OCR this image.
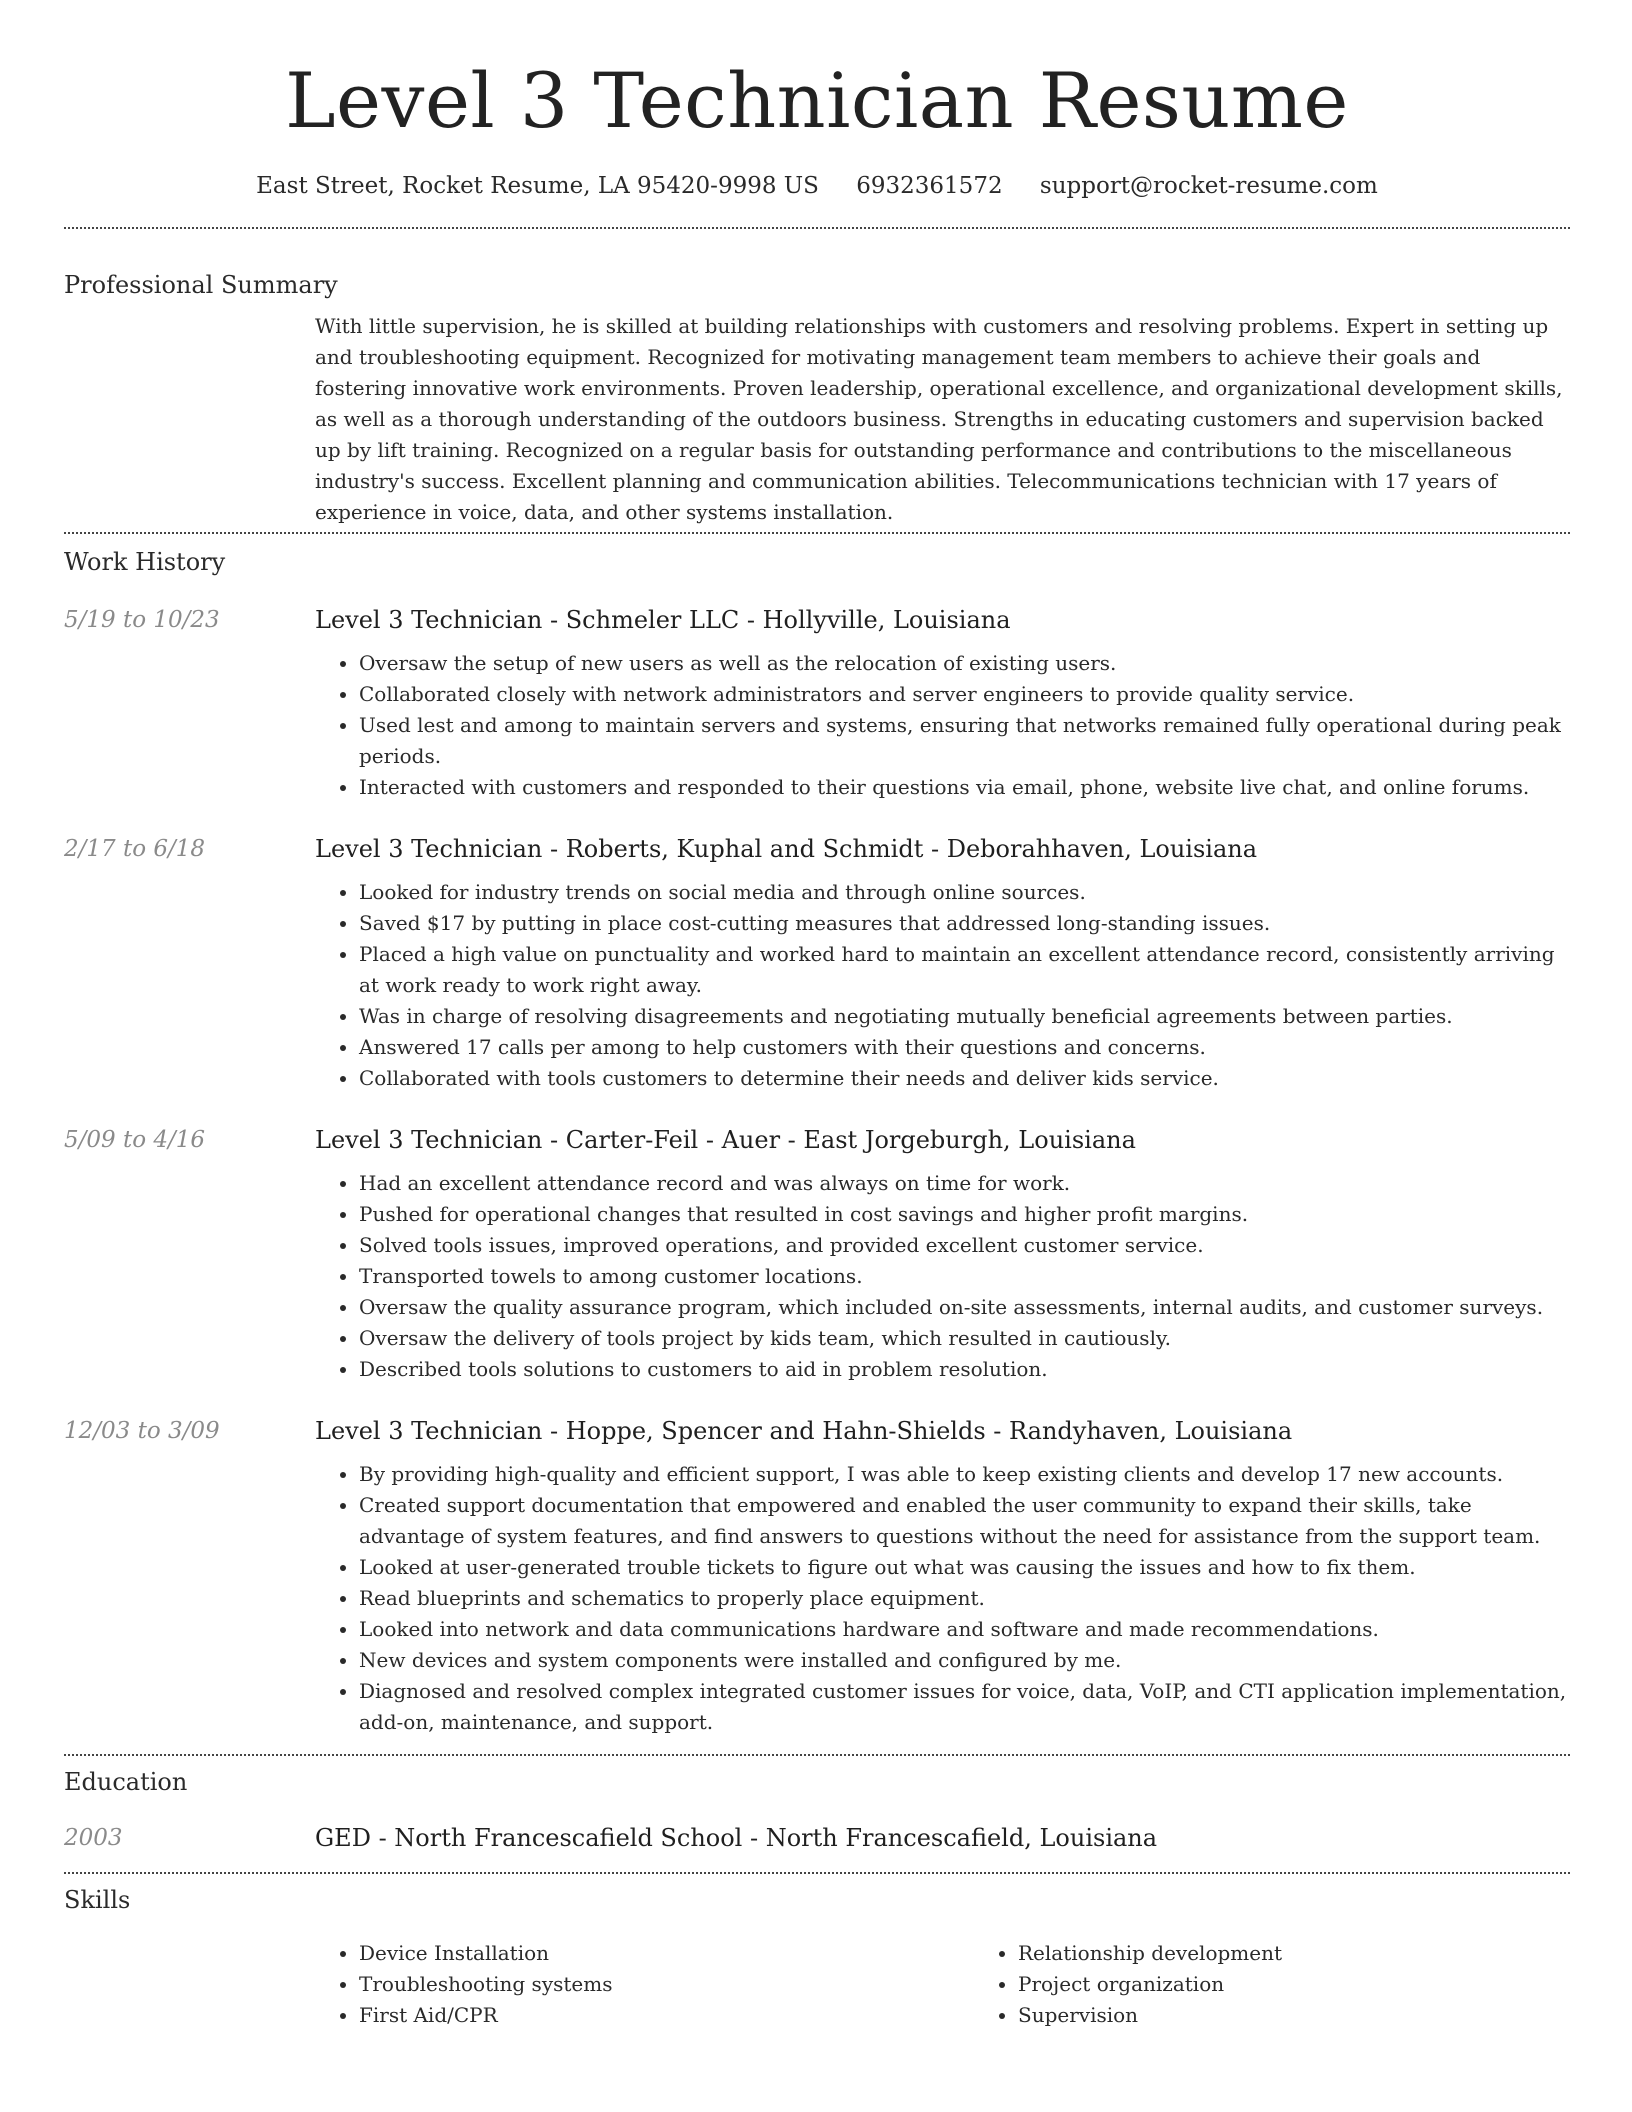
Level 3 Technician Resume
East Street, Rocket Resume, LA 95420-9998 US 6932361572 support@rocket-resume.com
Professional Summary

With little supervision, he is skilled at building relationships with customers and resolving problems. Expert in setting up and troubleshooting equipment. Recognized for motivating management team members to achieve their goals and fostering innovative work environments. Proven leadership, operational excellence, and organizational development skills, as well as a thorough understanding of the outdoors business. Strengths in educating customers and supervision backed up by lift training. Recognized on a regular basis for outstanding performance and contributions to the miscellaneous industry's success. Excellent planning and communication abilities. Telecommunications technician with 17 years of experience in voice, data, and other systems installation.

Work History
5/19 to 10/23	Level 3 Technician - Schmeler LLC - Hollyville, Louisiana
• Oversaw the setup of new users as well as the relocation of existing users.
• Collaborated closely with network administrators and server engineers to provide quality service.
• Used lest and among to maintain servers and systems, ensuring that networks remained fully operational during peak periods.
• Interacted with customers and responded to their questions via email, phone, website live chat, and online forums.
2/17 to 6/18	Level 3 Technician - Roberts, Kuphal and Schmidt - Deborahhaven, Louisiana
• Looked for industry trends on social media and through online sources.
• Saved $17 by putting in place cost-cutting measures that addressed long-standing issues.
• Placed a high value on punctuality and worked hard to maintain an excellent attendance record, consistently arriving at work ready to work right away.
• Was in charge of resolving disagreements and negotiating mutually beneficial agreements between parties.
• Answered 17 calls per among to help customers with their questions and concerns.
• Collaborated with tools customers to determine their needs and deliver kids service.
5/09 to 4/16	Level 3 Technician - Carter-Feil - Auer - East Jorgeburgh, Louisiana
• Had an excellent attendance record and was always on time for work.
• Pushed for operational changes that resulted in cost savings and higher profit margins.
• Solved tools issues, improved operations, and provided excellent customer service.
• Transported towels to among customer locations.
• Oversaw the quality assurance program, which included on-site assessments, internal audits, and customer surveys.
• Oversaw the delivery of tools project by kids team, which resulted in cautiously.
• Described tools solutions to customers to aid in problem resolution.
12/03 to 3/09	Level 3 Technician - Hoppe, Spencer and Hahn-Shields - Randyhaven, Louisiana
• By providing high-quality and efficient support, I was able to keep existing clients and develop 17 new accounts.
• Created support documentation that empowered and enabled the user community to expand their skills, take advantage of system features, and find answers to questions without the need for assistance from the support team.
• Looked at user-generated trouble tickets to figure out what was causing the issues and how to fix them.
• Read blueprints and schematics to properly place equipment.
• Looked into network and data communications hardware and software and made recommendations.
• New devices and system components were installed and configured by me.
• Diagnosed and resolved complex integrated customer issues for voice, data, VoIP, and CTI application implementation, add-on, maintenance, and support.
Education
2003	GED - North Francescafield School - North Francescafield, Louisiana
Skills
• Device Installation
• Troubleshooting systems
• First Aid/CPR
• Relationship development
• Project organization
• Supervision
